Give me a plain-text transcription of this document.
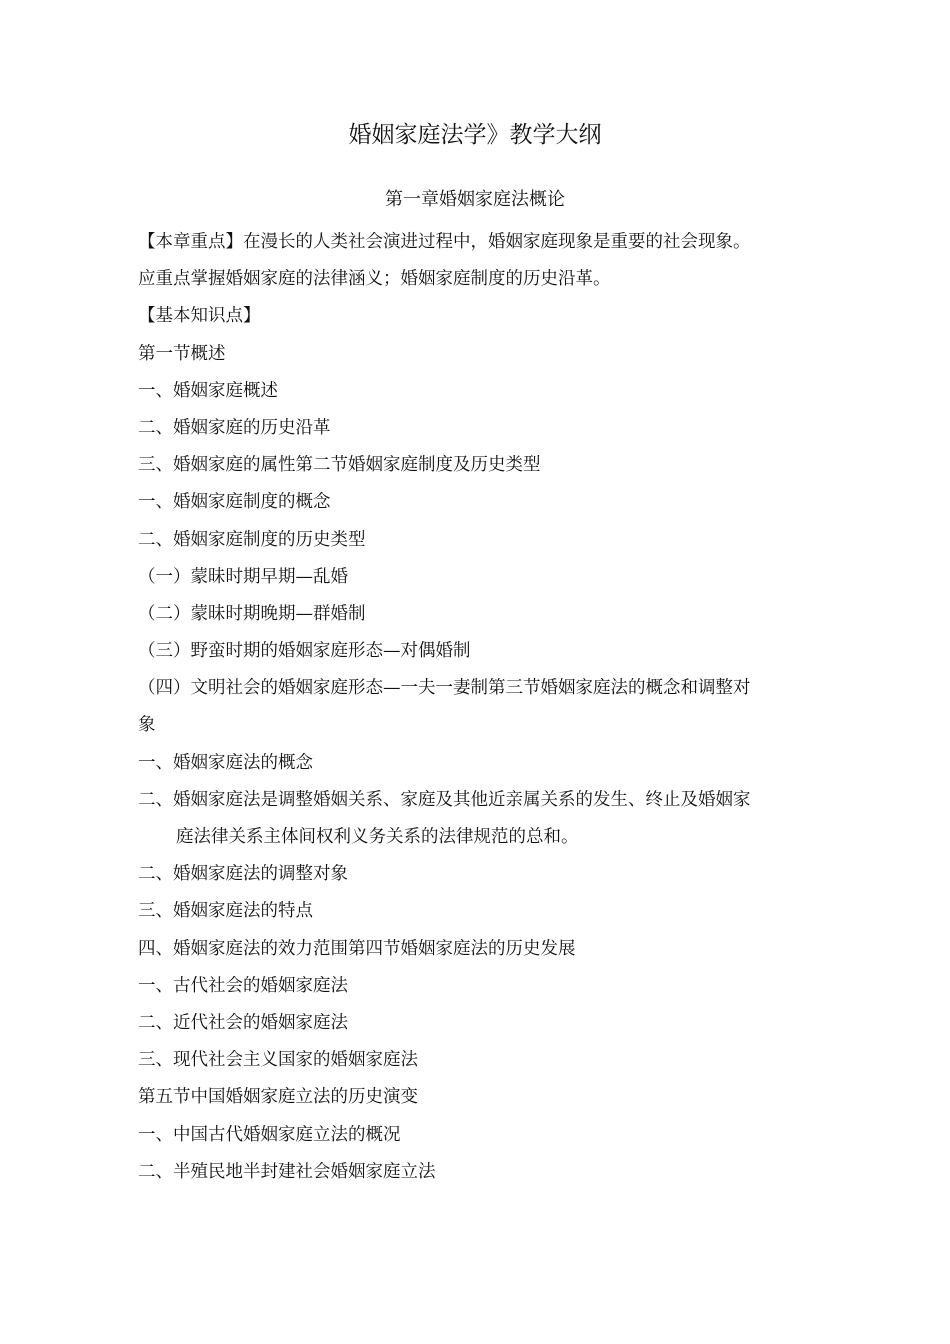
婚姻家庭法学》教学大纲
第一章婚姻家庭法概论
【本章重点】在漫长的人类社会演进过程中，婚姻家庭现象是重要的社会现象。
应重点掌握婚姻家庭的法律涵义；婚姻家庭制度的历史沿革。
【基本知识点】
第一节概述
一、婚姻家庭概述
二、婚姻家庭的历史沿革
三、婚姻家庭的属性第二节婚姻家庭制度及历史类型
一、婚姻家庭制度的概念
二、婚姻家庭制度的历史类型
（一）蒙昧时期早期—乱婚
（二）蒙昧时期晚期—群婚制
（三）野蛮时期的婚姻家庭形态—对偶婚制
（四）文明社会的婚姻家庭形态—一夫一妻制第三节婚姻家庭法的概念和调整对
象
一、婚姻家庭法的概念
二、婚姻家庭法是调整婚姻关系、家庭及其他近亲属关系的发生、终止及婚姻家
庭法律关系主体间权利义务关系的法律规范的总和。
二、婚姻家庭法的调整对象
三、婚姻家庭法的特点
四、婚姻家庭法的效力范围第四节婚姻家庭法的历史发展
一、古代社会的婚姻家庭法
二、近代社会的婚姻家庭法
三、现代社会主义国家的婚姻家庭法
第五节中国婚姻家庭立法的历史演变
一、中国古代婚姻家庭立法的概况
二、半殖民地半封建社会婚姻家庭立法
